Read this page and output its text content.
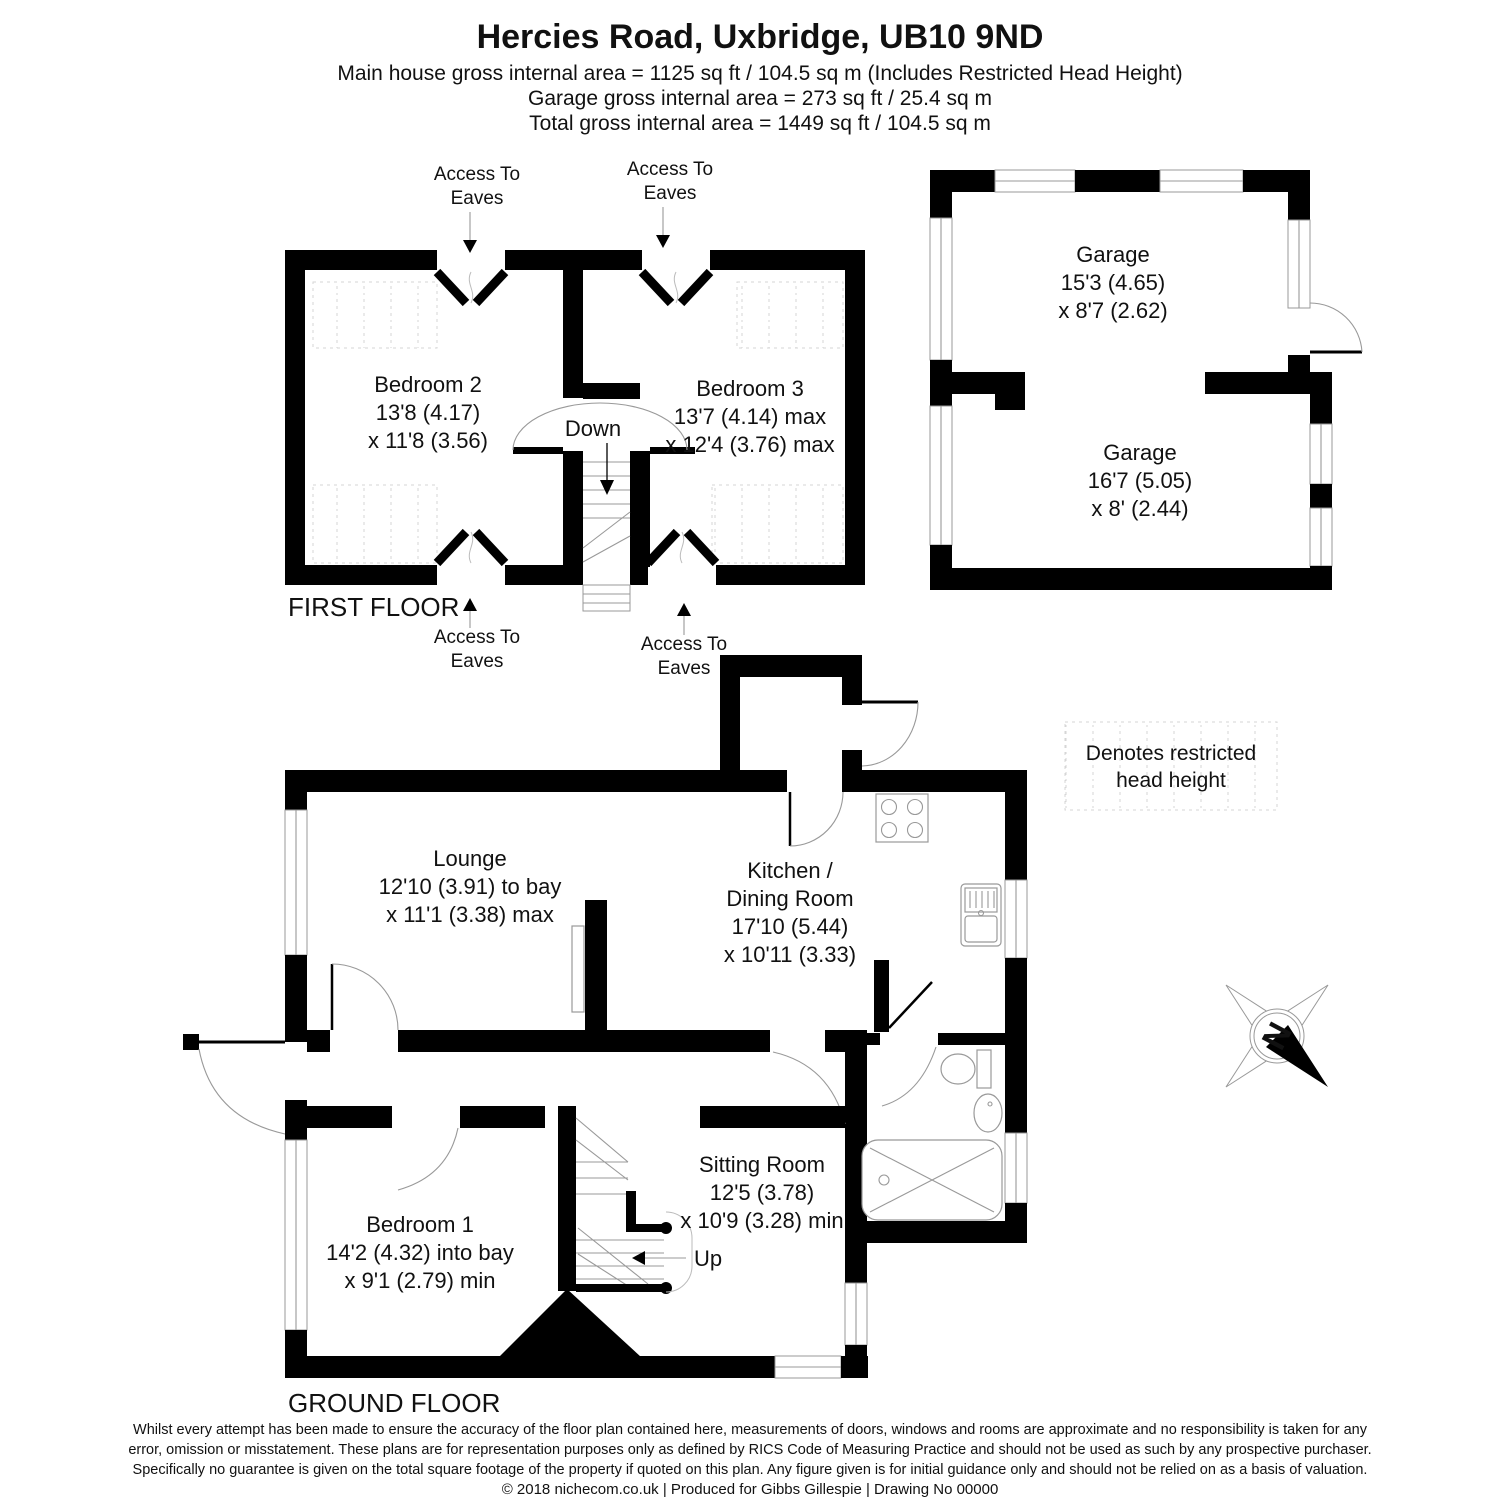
Hercies Road, Uxbridge, UB10 9ND
Main house gross internal area = 1125 sq ft / 104.5 sq m (Includes Restricted Head Height)
Garage gross internal area = 273 sq ft / 25.4 sq m
Total gross internal area = 1449 sq ft / 104.5 sq m
Down
Bedroom 2
13'8 (4.17)
x 11'8 (3.56)
Bedroom 3
13'7 (4.14) max
x 12'4 (3.76) max
Access To
Eaves
Access To
Eaves
Access To
Eaves
Access To
Eaves
FIRST FLOOR
Garage
15'3 (4.65)
x 8'7 (2.62)
Garage
16'7 (5.05)
x 8' (2.44)
Denotes restricted
head height
N
Up
Lounge
12'10 (3.91) to bay
x 11'1 (3.38) max
Kitchen /
Dining Room
17'10 (5.44)
x 10'11 (3.33)
Sitting Room
12'5 (3.78)
x 10'9 (3.28) min
Bedroom 1
14'2 (4.32) into bay
x 9'1 (2.79) min
GROUND FLOOR
Whilst every attempt has been made to ensure the accuracy of the floor plan contained here, measurements of doors, windows and rooms are approximate and no responsibility is taken for any
error, omission or misstatement. These plans are for representation purposes only as defined by RICS Code of Measuring Practice and should not be used as such by any prospective purchaser.
Specifically no guarantee is given on the total square footage of the property if quoted on this plan. Any figure given is for initial guidance only and should not be relied on as a basis of valuation.
© 2018 nichecom.co.uk | Produced for Gibbs Gillespie | Drawing No 00000
